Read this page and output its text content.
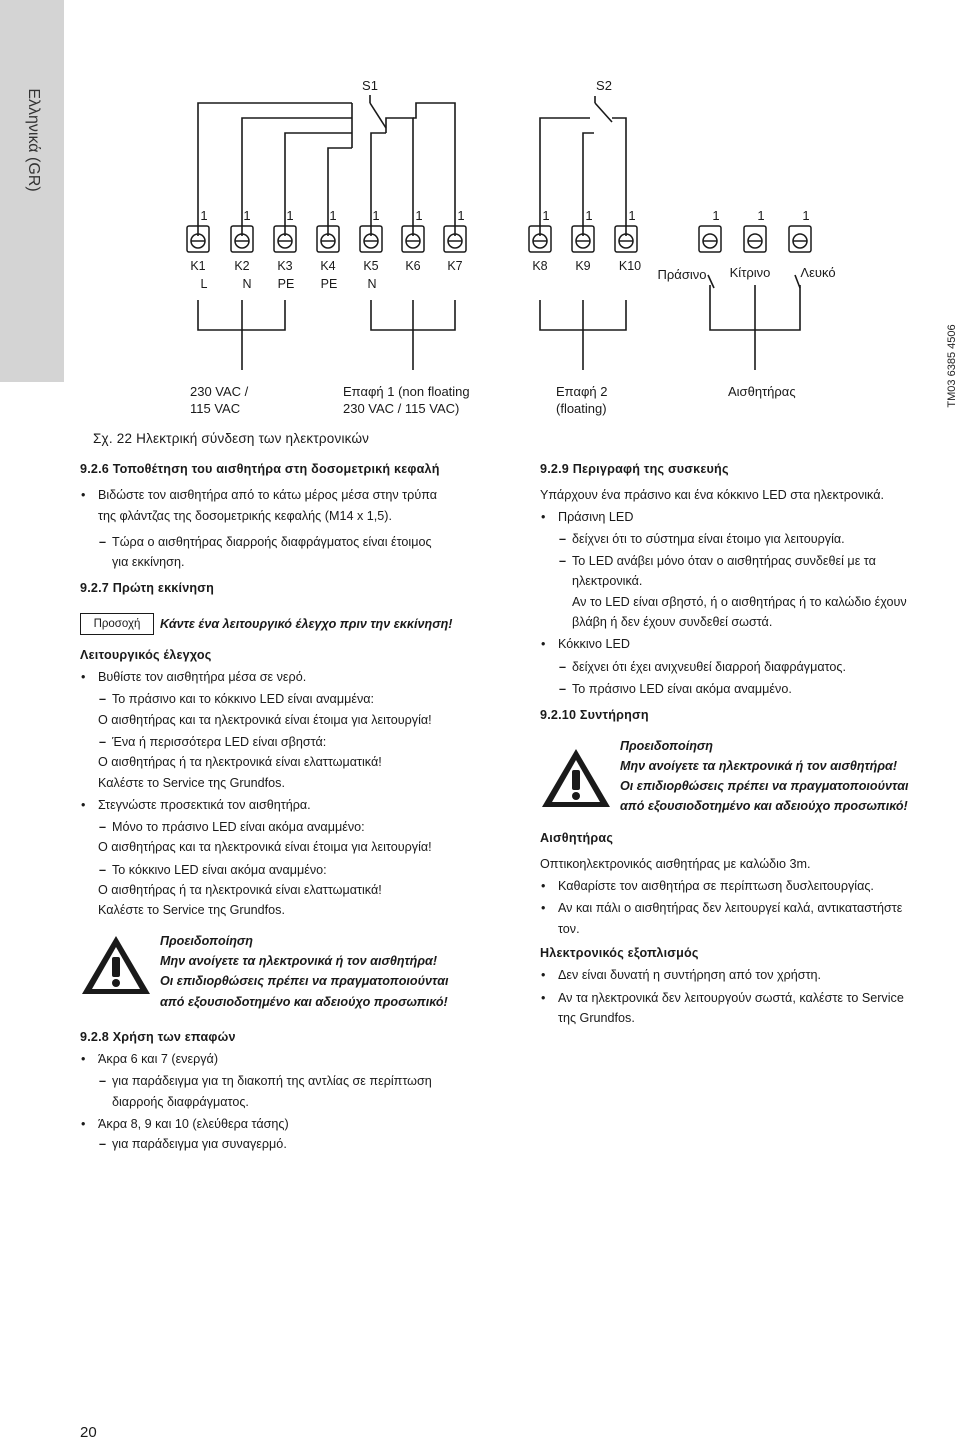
Ελληνικά (GR)
S1	S2
1	1	1	1	1	1	1	1	1	1	1	1	1
K1 K2 K3 K4 K5 K6 K7	K8 K9 K10
L	N PE PE N
Πράσινο Κίτρινο Λευκό
230 VAC /
115 VAC
Επαφή 1 (non floating
230 VAC / 115 VAC)
Επαφή 2
(floating)
Αισθητήρας	TM03 6385 4506
Σχ. 22 Ηλεκτρική σύνδεση των ηλεκτρονικών

9.2.6 Τοποθέτηση του αισθητήρα στη δοσομετρική κεφαλή

• Βιδώστε τον αισθητήρα από το κάτω μέρος μέσα στην τρύπα

της φλάντζας της δοσομετρικής κεφαλής (M14 x 1,5).

– Τώρα ο αισθητήρας διαρροής διαφράγματος είναι έτοιμος

για εκκίνηση.

9.2.7 Πρώτη εκκίνηση

Προσοχή	Κάντε ένα λειτουργικό έλεγχο πριν την εκκίνηση!

Λειτουργικός έλεγχος

• Βυθίστε τον αισθητήρα μέσα σε νερό.

– Το πράσινο και το κόκκινο LED είναι αναμμένα:

Ο αισθητήρας και τα ηλεκτρονικά είναι έτοιμα για λειτουργία!

– Ένα ή περισσότερα LED είναι σβηστά:

Ο αισθητήρας ή τα ηλεκτρονικά είναι ελαττωματικά!

Καλέστε το Service της Grundfos.

• Στεγνώστε προσεκτικά τον αισθητήρα.

– Μόνο το πράσινο LED είναι ακόμα αναμμένο:

Ο αισθητήρας και τα ηλεκτρονικά είναι έτοιμα για λειτουργία!

– Το κόκκινο LED είναι ακόμα αναμμένο:

Ο αισθητήρας ή τα ηλεκτρονικά είναι ελαττωματικά!

Καλέστε το Service της Grundfos.

Προειδοποίηση

Μην ανοίγετε τα ηλεκτρονικά ή τον αισθητήρα!

Οι επιδιορθώσεις πρέπει να πραγματοποιούνται

από εξουσιοδοτημένο και αδειούχο προσωπικό!

9.2.8 Χρήση των επαφών

• Άκρα 6 και 7 (ενεργά)

– για παράδειγμα για τη διακοπή της αντλίας σε περίπτωση

διαρροής διαφράγματος.

• Άκρα 8, 9 και 10 (ελεύθερα τάσης)

– για παράδειγμα για συναγερμό.

9.2.9 Περιγραφή της συσκευής

Υπάρχουν ένα πράσινο και ένα κόκκινο LED στα ηλεκτρονικά.

• Πράσινη LED

– δείχνει ότι το σύστημα είναι έτοιμο για λειτουργία.

– Το LED ανάβει μόνο όταν ο αισθητήρας συνδεθεί με τα

ηλεκτρονικά.

Αν το LED είναι σβηστό, ή ο αισθητήρας ή το καλώδιο έχουν

βλάβη ή δεν έχουν συνδεθεί σωστά.

• Κόκκινο LED

– δείχνει ότι έχει ανιχνευθεί διαρροή διαφράγματος.

– Το πράσινο LED είναι ακόμα αναμμένο.

9.2.10 Συντήρηση

Προειδοποίηση

Μην ανοίγετε τα ηλεκτρονικά ή τον αισθητήρα!

Οι επιδιορθώσεις πρέπει να πραγματοποιούνται

από εξουσιοδοτημένο και αδειούχο προσωπικό!

Αισθητήρας

Οπτικοηλεκτρονικός αισθητήρας με καλώδιο 3m.

• Καθαρίστε τον αισθητήρα σε περίπτωση δυσλειτουργίας.

• Αν και πάλι ο αισθητήρας δεν λειτουργεί καλά, αντικαταστήστε

τον.

Ηλεκτρονικός εξοπλισμός

• Δεν είναι δυνατή η συντήρηση από τον χρήστη.

• Αν τα ηλεκτρονικά δεν λειτουργούν σωστά, καλέστε το Service

της Grundfos.

20
